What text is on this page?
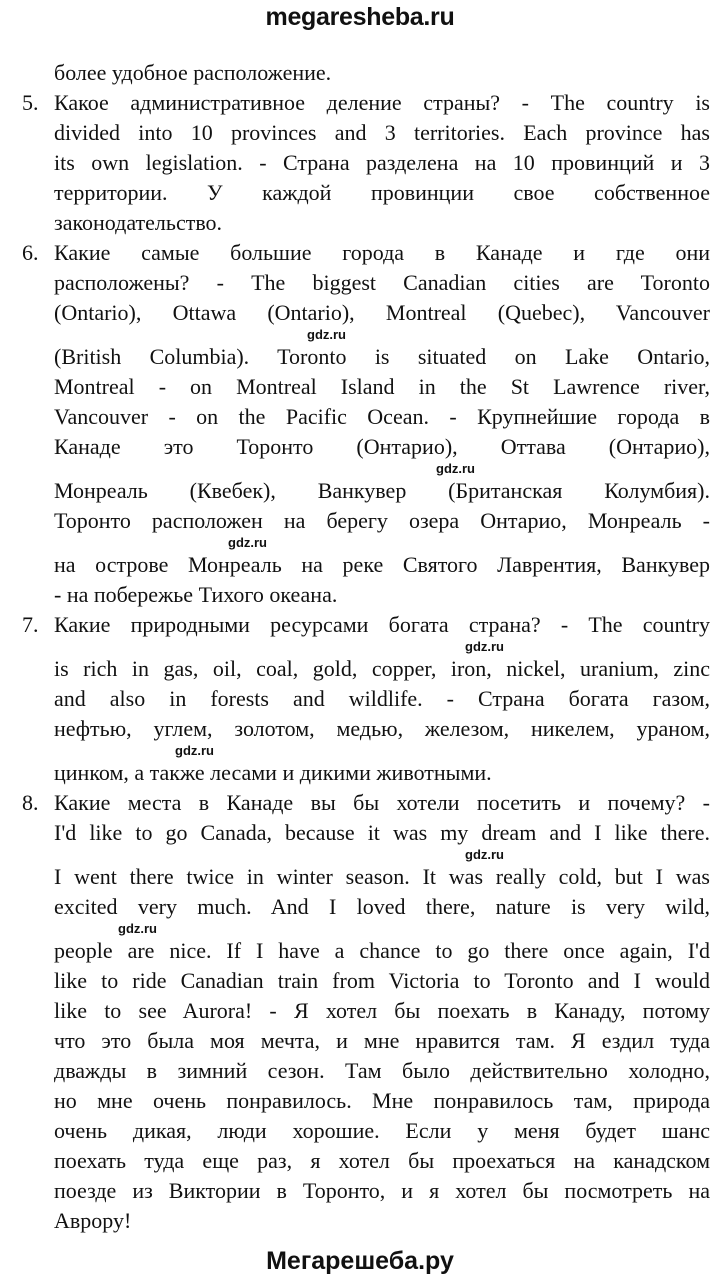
megaresheba.ru
более удобное расположение.
5. Какое административное деление страны? - The country is
divided into 10 provinces and 3 territories. Each province has
its own legislation. - Страна разделена на 10 провинций и 3
территории. У каждой провинции свое собственное
законодательство.
6. Какие самые большие города в Канаде и где они
расположены? - The biggest Canadian cities are Toronto
(Ontario), Ottawa (Ontario), Montreal (Quebec), Vancouver
gdz.ru
(British Columbia). Toronto is situated on Lake Ontario,
Montreal - on Montreal Island in the St Lawrence river,
Vancouver - on the Pacific Ocean. - Крупнейшие города в
Канаде это Торонто (Онтарио), Оттава (Онтарио),
gdz.ru
Монреаль (Квебек), Ванкувер (Британская Колумбия).
Торонто расположен на берегу озера Онтарио, Монреаль -
gdz.ru
на острове Монреаль на реке Святого Лаврентия, Ванкувер
- на побережье Тихого океана.
7. Какие природными ресурсами богата страна? - The country
gdz.ru
is rich in gas, oil, coal, gold, copper, iron, nickel, uranium, zinc
and also in forests and wildlife. - Страна богата газом,
нефтью, углем, золотом, медью, железом, никелем, ураном,
gdz.ru
цинком, а также лесами и дикими животными.
8. Какие места в Канаде вы бы хотели посетить и почему? -
I'd like to go Canada, because it was my dream and I like there.
gdz.ru
I went there twice in winter season. It was really cold, but I was
excited very much. And I loved there, nature is very wild,
gdz.ru
people are nice. If I have a chance to go there once again, I'd
like to ride Canadian train from Victoria to Toronto and I would
like to see Aurora! - Я хотел бы поехать в Канаду, потому
что это была моя мечта, и мне нравится там. Я ездил туда
дважды в зимний сезон. Там было действительно холодно,
но мне очень понравилось. Мне понравилось там, природа
очень дикая, люди хорошие. Если у меня будет шанс
поехать туда еще раз, я хотел бы проехаться на канадском
поезде из Виктории в Торонто, и я хотел бы посмотреть на
Аврору!
Мегарешеба.ру
